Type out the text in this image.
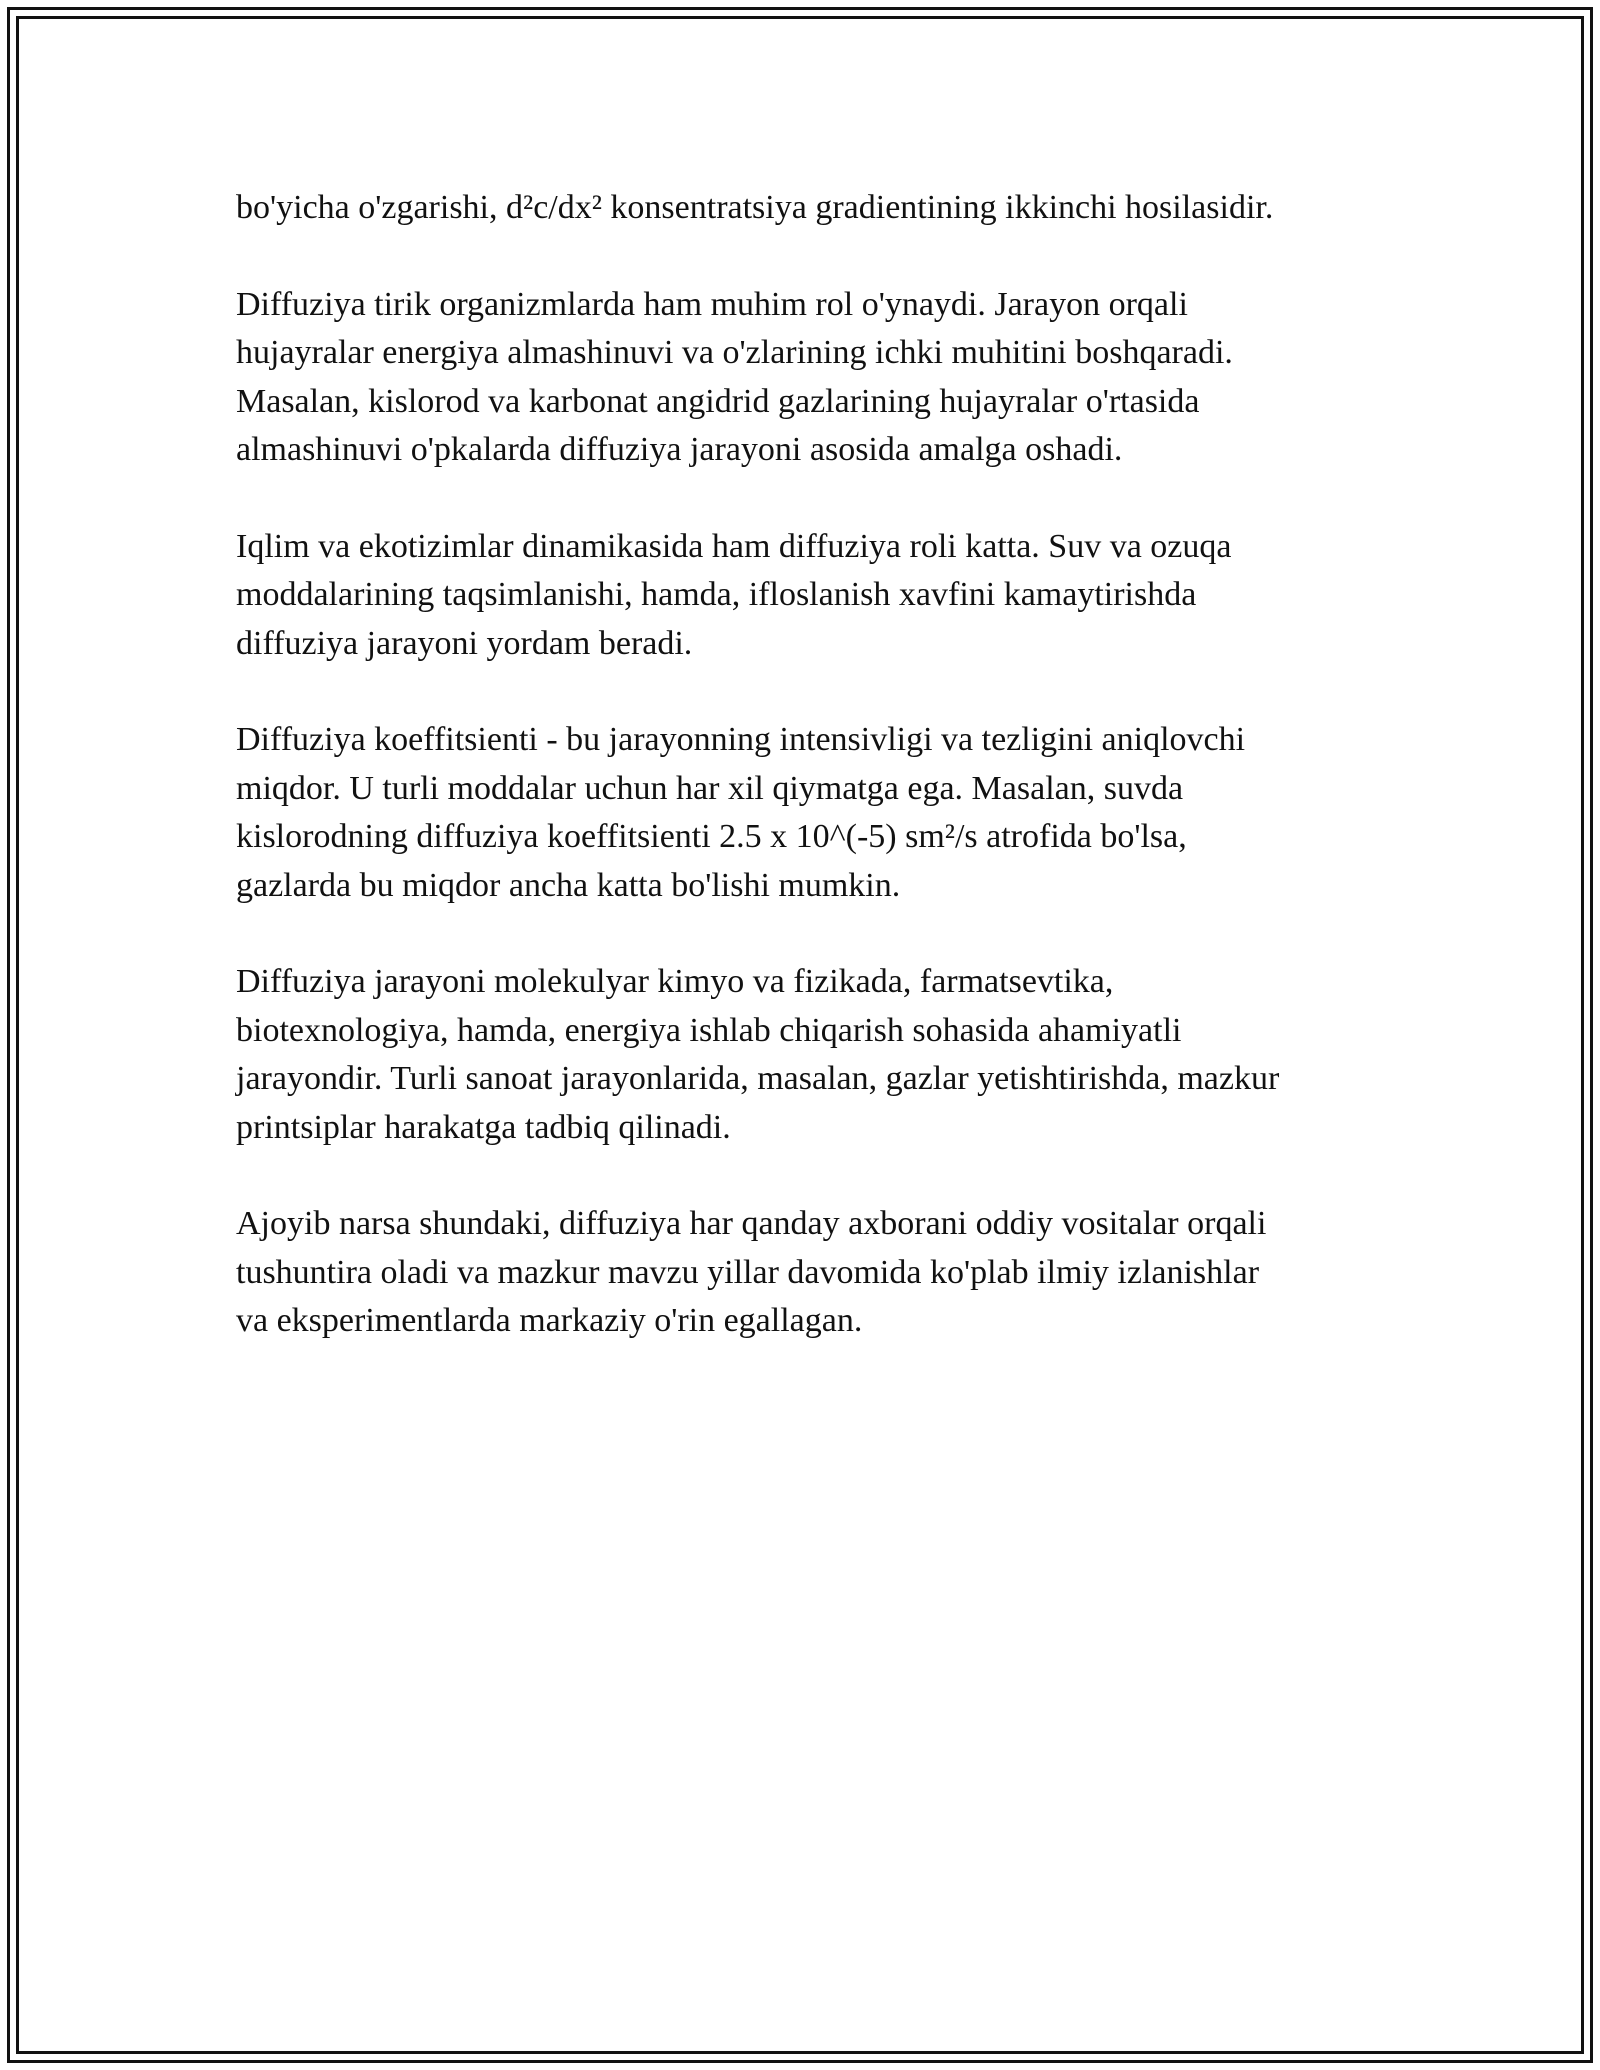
bo'yicha o'zgarishi, d²c/dx² konsentratsiya gradientining ikkinchi hosilasidir.

Diffuziya tirik organizmlarda ham muhim rol o'ynaydi. Jarayon orqali
hujayralar energiya almashinuvi va o'zlarining ichki muhitini boshqaradi.
Masalan, kislorod va karbonat angidrid gazlarining hujayralar o'rtasida
almashinuvi o'pkalarda diffuziya jarayoni asosida amalga oshadi.

Iqlim va ekotizimlar dinamikasida ham diffuziya roli katta. Suv va ozuqa
moddalarining taqsimlanishi, hamda, ifloslanish xavfini kamaytirishda
diffuziya jarayoni yordam beradi.

Diffuziya koeffitsienti - bu jarayonning intensivligi va tezligini aniqlovchi
miqdor. U turli moddalar uchun har xil qiymatga ega. Masalan, suvda
kislorodning diffuziya koeffitsienti 2.5 x 10^(-5) sm²/s atrofida bo'lsa,
gazlarda bu miqdor ancha katta bo'lishi mumkin.

Diffuziya jarayoni molekulyar kimyo va fizikada, farmatsevtika,
biotexnologiya, hamda, energiya ishlab chiqarish sohasida ahamiyatli
jarayondir. Turli sanoat jarayonlarida, masalan, gazlar yetishtirishda, mazkur
printsiplar harakatga tadbiq qilinadi.

Ajoyib narsa shundaki, diffuziya har qanday axborani oddiy vositalar orqali
tushuntira oladi va mazkur mavzu yillar davomida ko'plab ilmiy izlanishlar
va eksperimentlarda markaziy o'rin egallagan.
